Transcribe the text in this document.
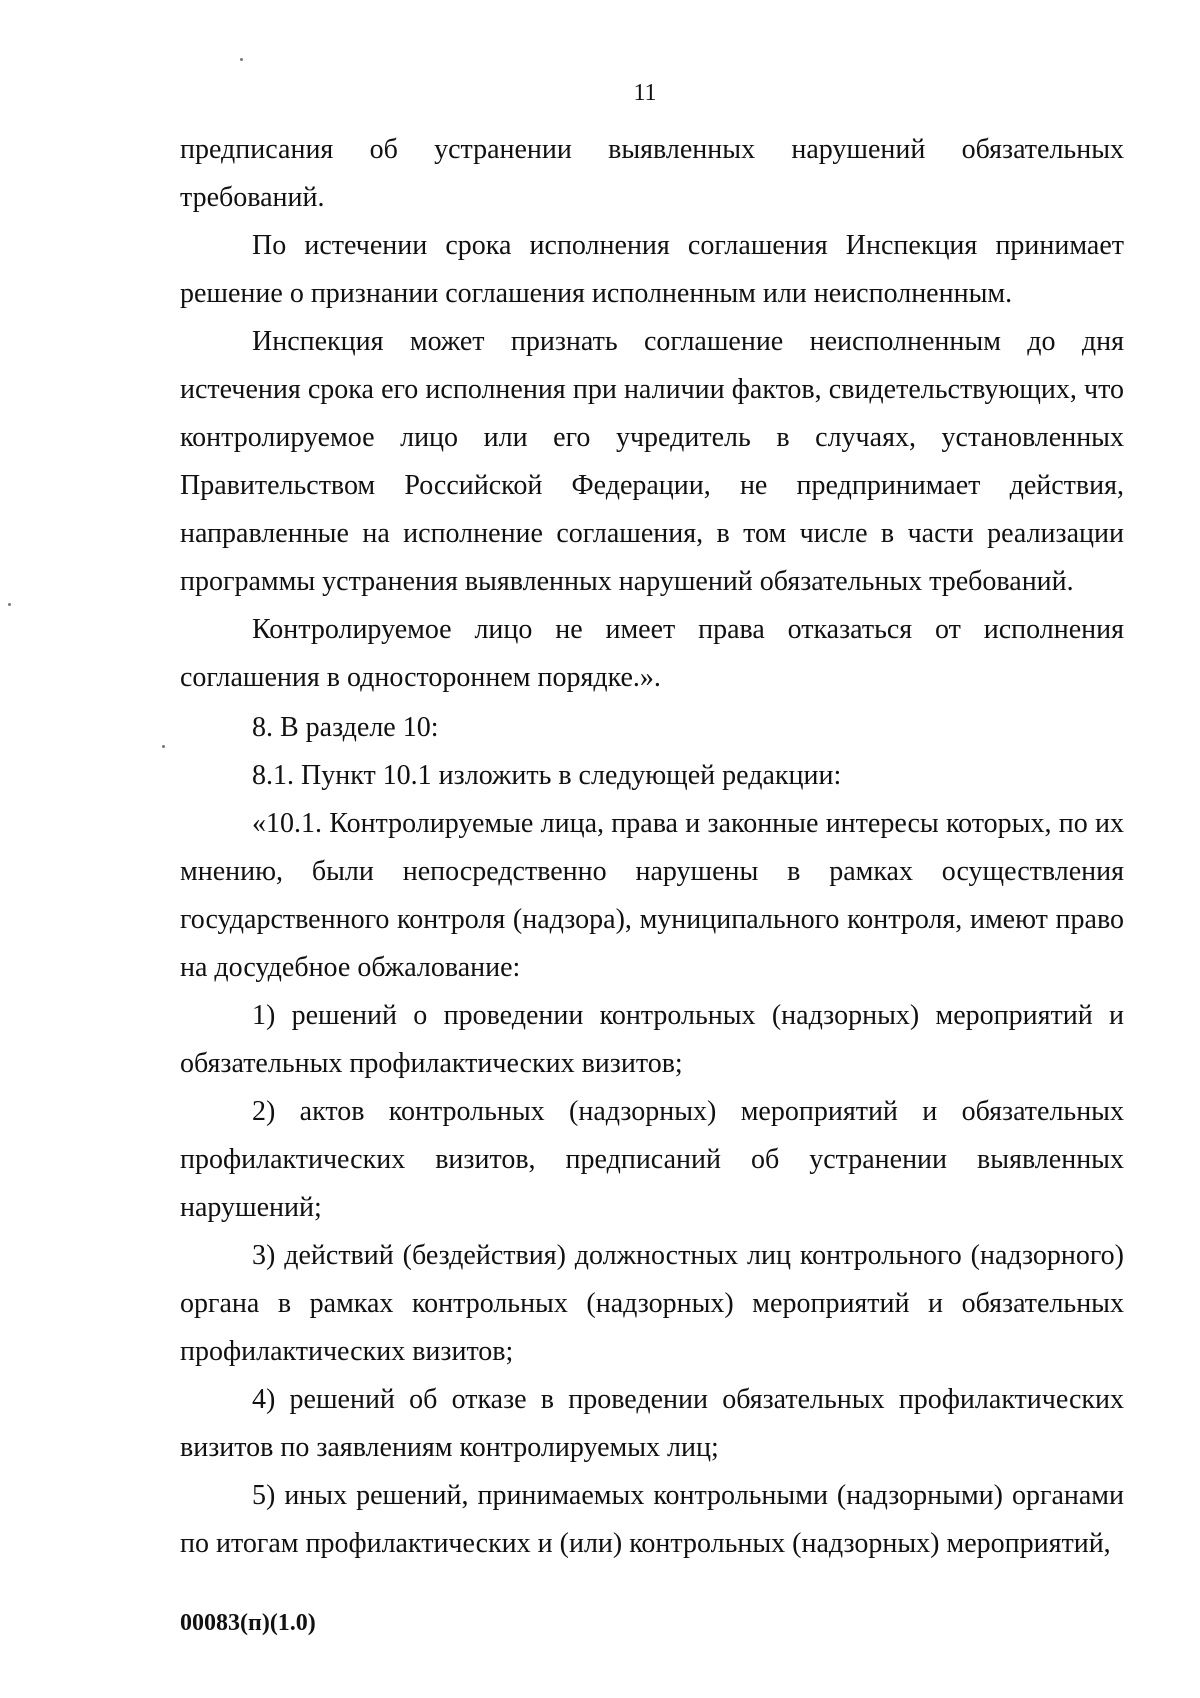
11

предписания об устранении выявленных нарушений обязательных требований.

По истечении срока исполнения соглашения Инспекция принимает решение о признании соглашения исполненным или неисполненным.

Инспекция может признать соглашение неисполненным до дня истечения срока его исполнения при наличии фактов, свидетельствующих, что контролируемое лицо или его учредитель в случаях, установленных Правительством Российской Федерации, не предпринимает действия, направленные на исполнение соглашения, в том числе в части реализации программы устранения выявленных нарушений обязательных требований.

Контролируемое лицо не имеет права отказаться от исполнения соглашения в одностороннем порядке.».

8. В разделе 10:

8.1. Пункт 10.1 изложить в следующей редакции:

«10.1. Контролируемые лица, права и законные интересы которых, по их мнению, были непосредственно нарушены в рамках осуществления государственного контроля (надзора), муниципального контроля, имеют право на досудебное обжалование:

1) решений о проведении контрольных (надзорных) мероприятий и обязательных профилактических визитов;

2) актов контрольных (надзорных) мероприятий и обязательных профилактических визитов, предписаний об устранении выявленных нарушений;

3) действий (бездействия) должностных лиц контрольного (надзорного) органа в рамках контрольных (надзорных) мероприятий и обязательных профилактических визитов;

4) решений об отказе в проведении обязательных профилактических визитов по заявлениям контролируемых лиц;

5) иных решений, принимаемых контрольными (надзорными) органами по итогам профилактических и (или) контрольных (надзорных) мероприятий,

00083(п)(1.0)
